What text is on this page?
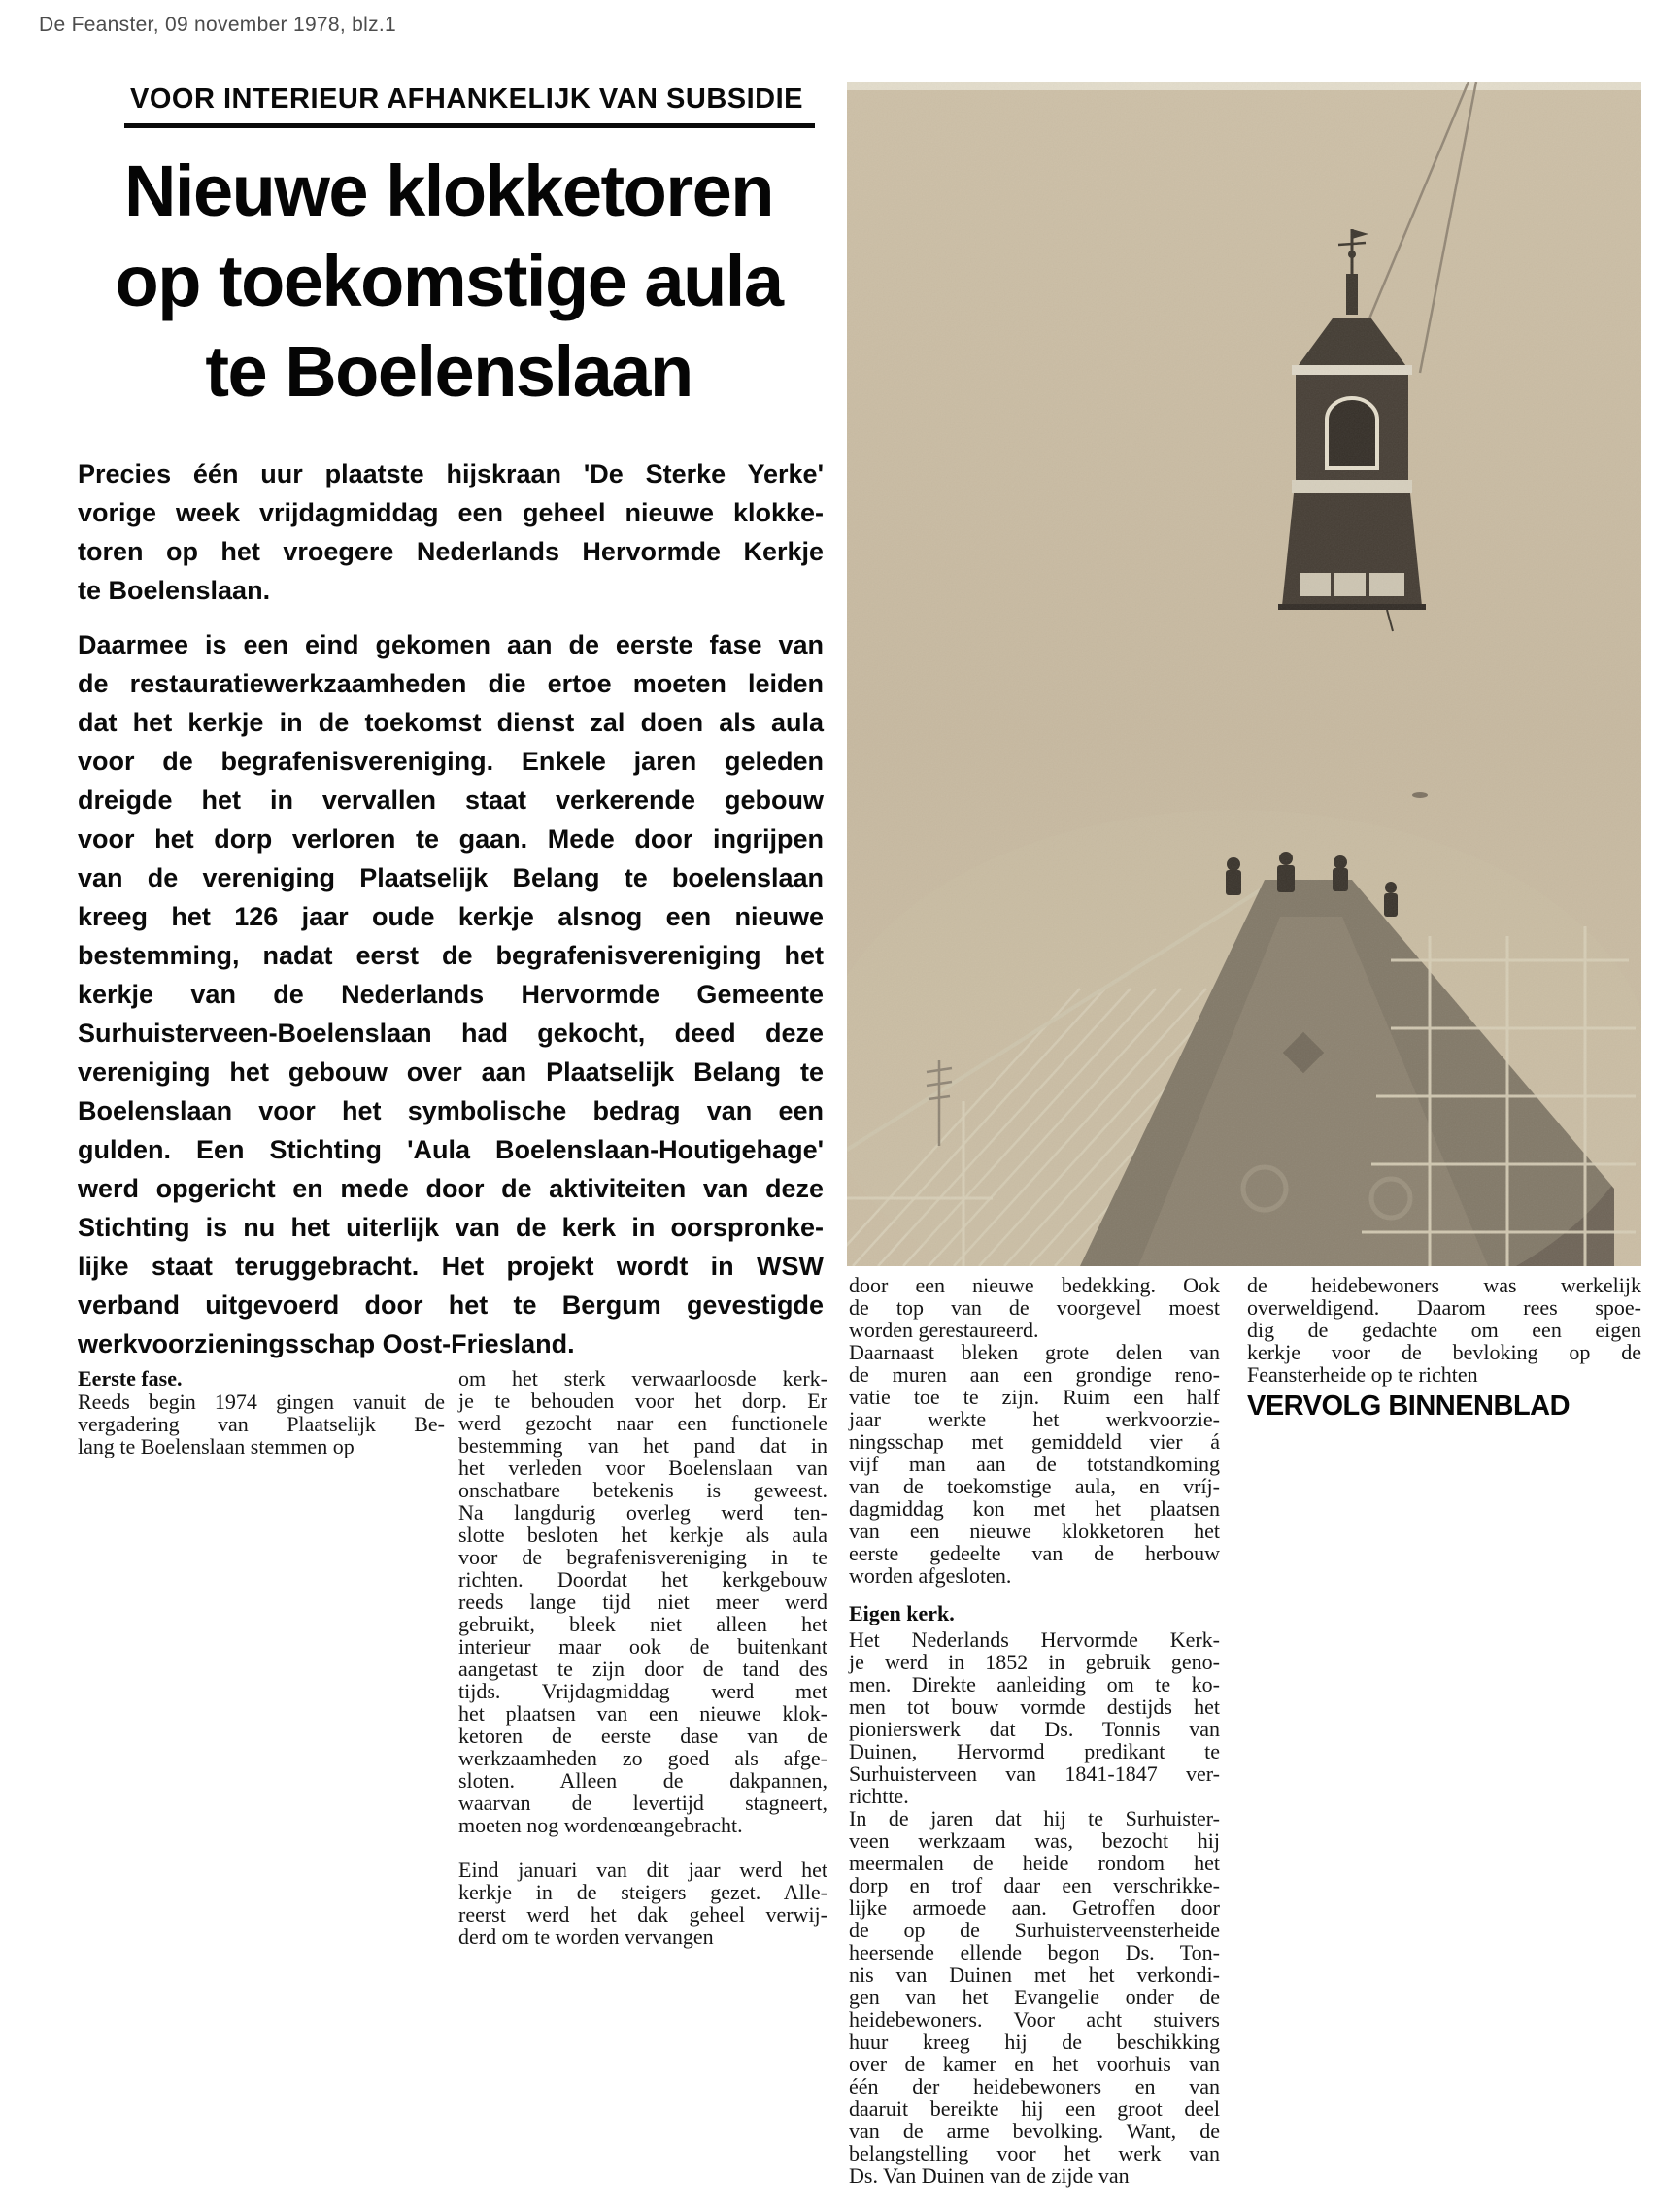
De Feanster, 09 november 1978, blz.1
VOOR INTERIEUR AFHANKELIJK VAN SUBSIDIE
Nieuwe klokketoren
op toekomstige aula
te Boelenslaan
Precies één uur plaatste hijskraan 'De Sterke Yerke'
vorige week vrijdagmiddag een geheel nieuwe klokke-
toren op het vroegere Nederlands Hervormde Kerkje
te Boelenslaan.
Daarmee is een eind gekomen aan de eerste fase van
de restauratiewerkzaamheden die ertoe moeten leiden
dat het kerkje in de toekomst dienst zal doen als aula
voor de begrafenisvereniging. Enkele jaren geleden
dreigde het in vervallen staat verkerende gebouw
voor het dorp verloren te gaan. Mede door ingrijpen
van de vereniging Plaatselijk Belang te boelenslaan
kreeg het 126 jaar oude kerkje alsnog een nieuwe
bestemming, nadat eerst de begrafenisvereniging het
kerkje van de Nederlands Hervormde Gemeente
Surhuisterveen-Boelenslaan had gekocht, deed deze
vereniging het gebouw over aan Plaatselijk Belang te
Boelenslaan voor het symbolische bedrag van een
gulden. Een Stichting 'Aula Boelenslaan-Houtigehage'
werd opgericht en mede door de aktiviteiten van deze
Stichting is nu het uiterlijk van de kerk in oorspronke-
lijke staat teruggebracht. Het projekt wordt in WSW
verband uitgevoerd door het te Bergum gevestigde
werkvoorzieningsschap Oost-Friesland.
Eerste fase.
Reeds begin 1974 gingen vanuit de
vergadering van Plaatselijk Be-
lang te Boelenslaan stemmen op
om het sterk verwaarloosde kerk-
je te behouden voor het dorp. Er
werd gezocht naar een functionele
bestemming van het pand dat in
het verleden voor Boelenslaan van
onschatbare betekenis is geweest.
Na langdurig overleg werd ten-
slotte besloten het kerkje als aula
voor de begrafenisvereniging in te
richten. Doordat het kerkgebouw
reeds lange tijd niet meer werd
gebruikt, bleek niet alleen het
interieur maar ook de buitenkant
aangetast te zijn door de tand des
tijds. Vrijdagmiddag werd met
het plaatsen van een nieuwe klok-
ketoren de eerste dase van de
werkzaamheden zo goed als afge-
sloten. Alleen de dakpannen,
waarvan de levertijd stagneert,
moeten nog wordenœangebracht.
Eind januari van dit jaar werd het
kerkje in de steigers gezet. Alle-
reerst werd het dak geheel verwij-
derd om te worden vervangen
door een nieuwe bedekking. Ook
de top van de voorgevel moest
worden gerestaureerd.
Daarnaast bleken grote delen van
de muren aan een grondige reno-
vatie toe te zijn. Ruim een half
jaar werkte het werkvoorzie-
ningsschap met gemiddeld vier á
vijf man aan de totstandkoming
van de toekomstige aula, en vríj-
dagmiddag kon met het plaatsen
van een nieuwe klokketoren het
eerste gedeelte van de herbouw
worden afgesloten.
Eigen kerk.
Het Nederlands Hervormde Kerk-
je werd in 1852 in gebruik geno-
men. Direkte aanleiding om te ko-
men tot bouw vormde destijds het
pionierswerk dat Ds. Tonnis van
Duinen, Hervormd predikant te
Surhuisterveen van 1841-1847 ver-
richtte.
In de jaren dat hij te Surhuister-
veen werkzaam was, bezocht hij
meermalen de heide rondom het
dorp en trof daar een verschrikke-
lijke armoede aan. Getroffen door
de op de Surhuisterveensterheide
heersende ellende begon Ds. Ton-
nis van Duinen met het verkondi-
gen van het Evangelie onder de
heidebewoners. Voor acht stuivers
huur kreeg hij de beschikking
over de kamer en het voorhuis van
één der heidebewoners en van
daaruit bereikte hij een groot deel
van de arme bevolking. Want, de
belangstelling voor het werk van
Ds. Van Duinen van de zijde van
de heidebewoners was werkelijk
overweldigend. Daarom rees spoe-
dig de gedachte om een eigen
kerkje voor de bevloking op de
Feansterheide op te richten
VERVOLG BINNENBLAD
